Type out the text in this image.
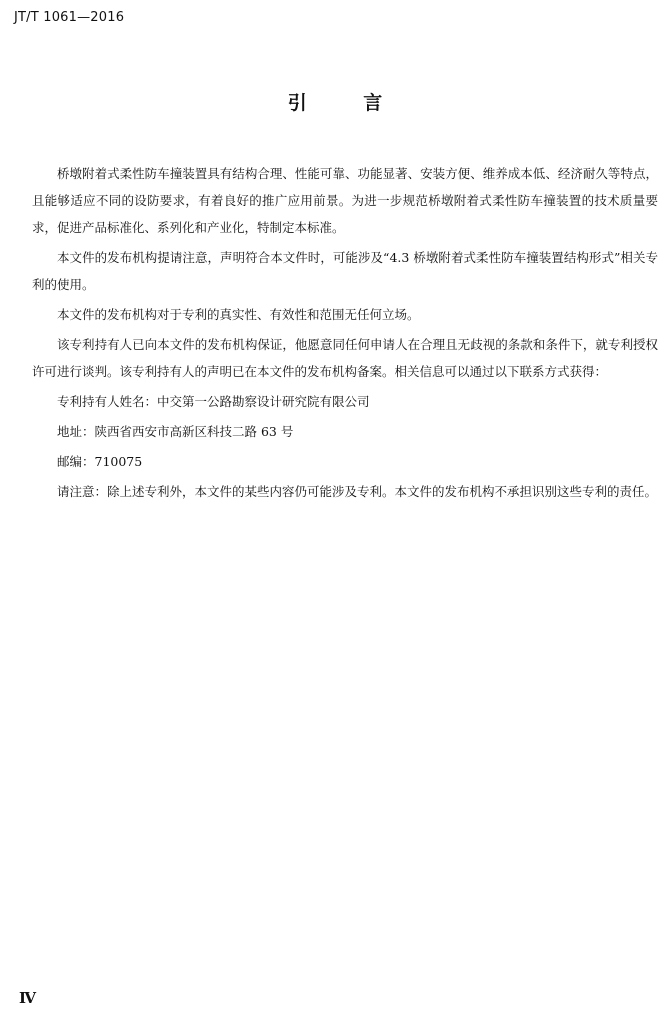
JT/T 1061—2016
引 言

桥墩附着式柔性防车撞装置具有结构合理、性能可靠、功能显著、安装方便、维养成本低、经济耐久等特点，且能够适应不同的设防要求，有着良好的推广应用前景。为进一步规范桥墩附着式柔性防车撞装置的技术质量要求，促进产品标准化、系列化和产业化，特制定本标准。

本文件的发布机构提请注意，声明符合本文件时，可能涉及“4.3 桥墩附着式柔性防车撞装置结构形式”相关专利的使用。

本文件的发布机构对于专利的真实性、有效性和范围无任何立场。

该专利持有人已向本文件的发布机构保证，他愿意同任何申请人在合理且无歧视的条款和条件下，就专利授权许可进行谈判。该专利持有人的声明已在本文件的发布机构备案。相关信息可以通过以下联系方式获得：

专利持有人姓名：中交第一公路勘察设计研究院有限公司

地址：陕西省西安市高新区科技二路 63 号

邮编：710075

请注意：除上述专利外，本文件的某些内容仍可能涉及专利。本文件的发布机构不承担识别这些专利的责任。

Ⅳ
